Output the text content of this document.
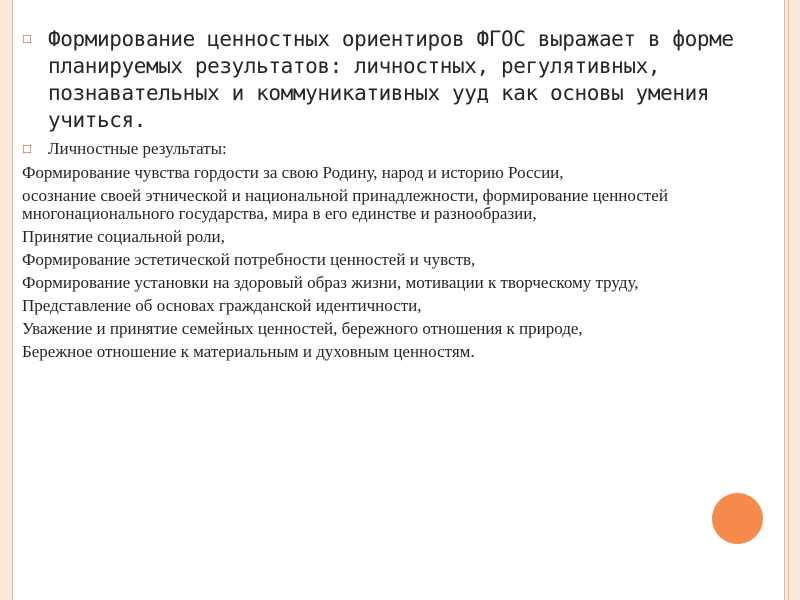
☐ Формирование ценностных ориентиров ФГОС выражает в форме планируемых результатов: личностных, регулятивных, познавательных и коммуникативных ууд как основы умения учиться.

☐ Личностные результаты:

Формирование чувства гордости за свою Родину, народ и историю России,

осознание своей этнической и национальной принадлежности, формирование ценностей многонационального государства, мира в его единстве и разнообразии,

Принятие социальной роли,

Формирование эстетической потребности ценностей и чувств,

Формирование установки на здоровый образ жизни, мотивации к творческому труду,

Представление об основах гражданской идентичности,

Уважение и принятие семейных ценностей, бережного отношения к природе,

Бережное отношение к материальным и духовным ценностям.
